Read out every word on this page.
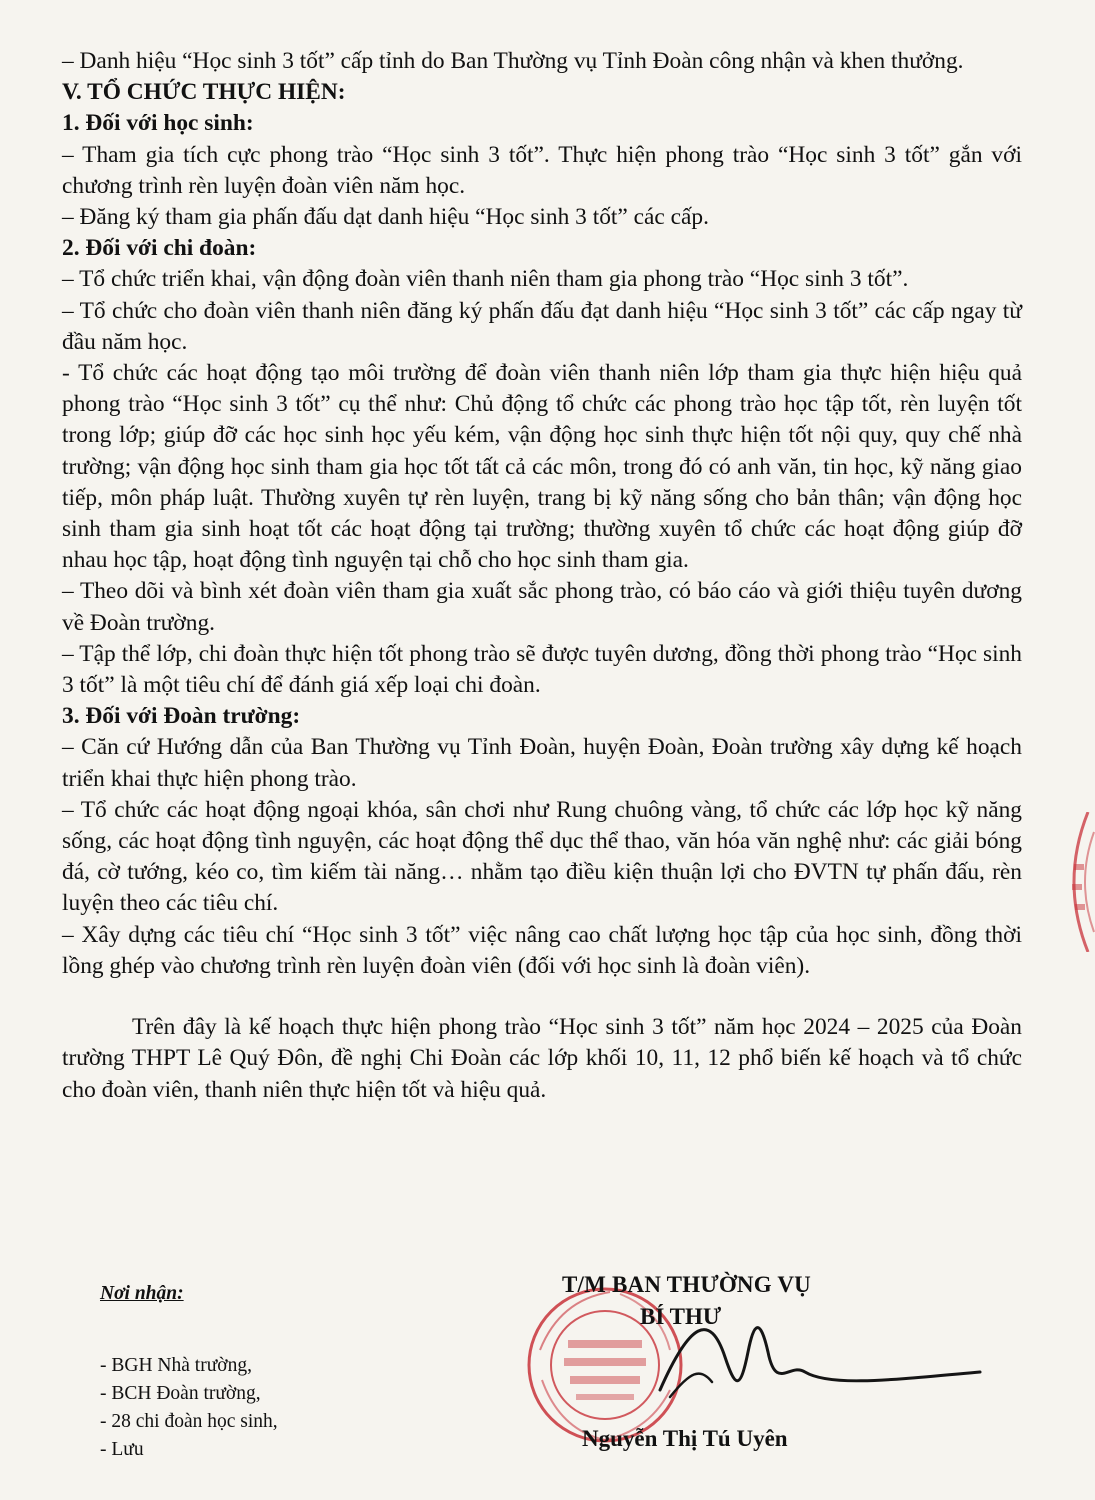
– Danh hiệu “Học sinh 3 tốt” cấp tỉnh do Ban Thường vụ Tỉnh Đoàn công nhận và khen thưởng.

V. TỔ CHỨC THỰC HIỆN:

1. Đối với học sinh:

– Tham gia tích cực phong trào “Học sinh 3 tốt”. Thực hiện phong trào “Học sinh 3 tốt” gắn với chương trình rèn luyện đoàn viên năm học.

– Đăng ký tham gia phấn đấu dạt danh hiệu “Học sinh 3 tốt” các cấp.

2. Đối với chi đoàn:

– Tổ chức triển khai, vận động đoàn viên thanh niên tham gia phong trào “Học sinh 3 tốt”.

– Tổ chức cho đoàn viên thanh niên đăng ký phấn đấu đạt danh hiệu “Học sinh 3 tốt” các cấp ngay từ đầu năm học.

- Tổ chức các hoạt động tạo môi trường để đoàn viên thanh niên lớp tham gia thực hiện hiệu quả phong trào “Học sinh 3 tốt” cụ thể như: Chủ động tổ chức các phong trào học tập tốt, rèn luyện tốt trong lớp; giúp đỡ các học sinh học yếu kém, vận động học sinh thực hiện tốt nội quy, quy chế nhà trường; vận động học sinh tham gia học tốt tất cả các môn, trong đó có anh văn, tin học, kỹ năng giao tiếp, môn pháp luật. Thường xuyên tự rèn luyện, trang bị kỹ năng sống cho bản thân; vận động học sinh tham gia sinh hoạt tốt các hoạt động tại trường; thường xuyên tổ chức các hoạt động giúp đỡ nhau học tập, hoạt động tình nguyện tại chỗ cho học sinh tham gia.

– Theo dõi và bình xét đoàn viên tham gia xuất sắc phong trào, có báo cáo và giới thiệu tuyên dương về Đoàn trường.

– Tập thể lớp, chi đoàn thực hiện tốt phong trào sẽ được tuyên dương, đồng thời phong trào “Học sinh 3 tốt” là một tiêu chí để đánh giá xếp loại chi đoàn.

3. Đối với Đoàn trường:

– Căn cứ Hướng dẫn của Ban Thường vụ Tỉnh Đoàn, huyện Đoàn, Đoàn trường xây dựng kế hoạch triển khai thực hiện phong trào.

– Tổ chức các hoạt động ngoại khóa, sân chơi như Rung chuông vàng, tổ chức các lớp học kỹ năng sống, các hoạt động tình nguyện, các hoạt động thể dục thể thao, văn hóa văn nghệ như: các giải bóng đá, cờ tướng, kéo co, tìm kiếm tài năng… nhằm tạo điều kiện thuận lợi cho ĐVTN tự phấn đấu, rèn luyện theo các tiêu chí.

– Xây dựng các tiêu chí “Học sinh 3 tốt” việc nâng cao chất lượng học tập của học sinh, đồng thời lồng ghép vào chương trình rèn luyện đoàn viên (đối với học sinh là đoàn viên).

Trên đây là kế hoạch thực hiện phong trào “Học sinh 3 tốt” năm học 2024 – 2025 của Đoàn trường THPT Lê Quý Đôn, đề nghị Chi Đoàn các lớp khối 10, 11, 12 phổ biến kế hoạch và tổ chức cho đoàn viên, thanh niên thực hiện tốt và hiệu quả.

Nơi nhận:
- BGH Nhà trường,
- BCH Đoàn trường,
- 28 chi đoàn học sinh,
- Lưu
T/M BAN THƯỜNG VỤ
BÍ THƯ
Nguyễn Thị Tú Uyên
